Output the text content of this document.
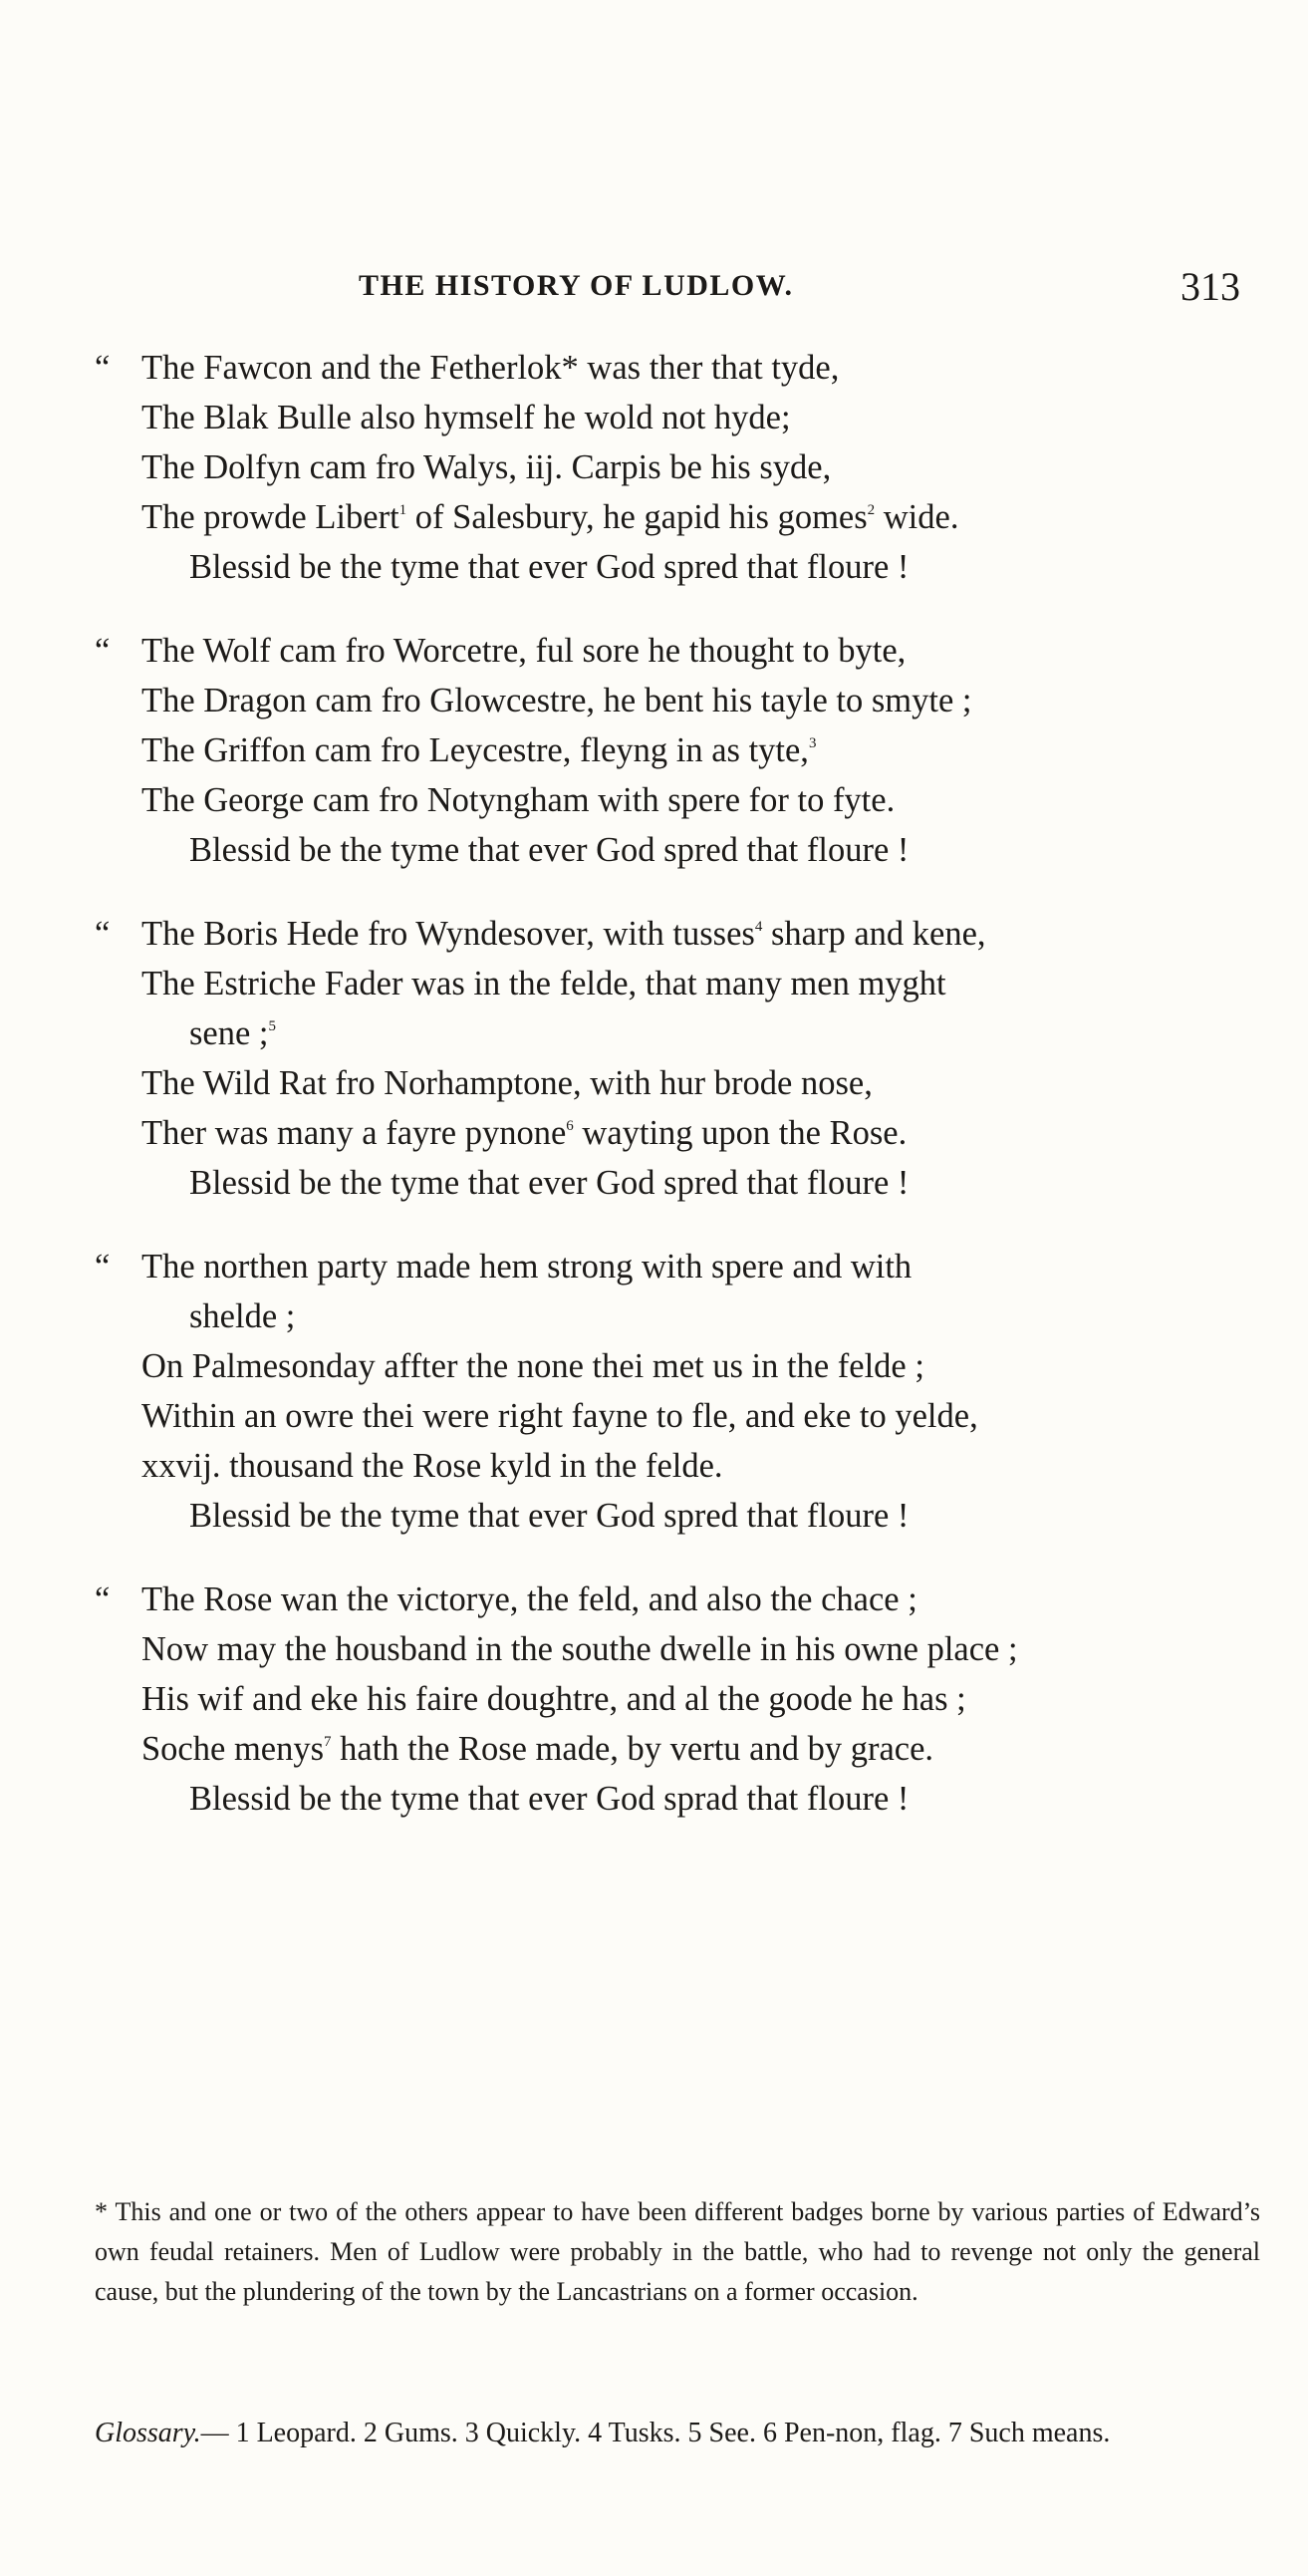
THE HISTORY OF LUDLOW.	313
“ The Fawcon and the Fetherlok* was ther that tyde,
The Blak Bulle also hymself he wold not hyde;
The Dolfyn cam fro Walys, iij. Carpis be his syde,
The prowde Libert$^1$ of Salesbury, he gapid his gomes$^2$ wide.
Blessid be the tyme that ever God spred that floure !
“ The Wolf cam fro Worcetre, ful sore he thought to byte,
The Dragon cam fro Glowcestre, he bent his tayle to smyte ;
The Griffon cam fro Leycestre, fleyng in as tyte,$^3$
The George cam fro Notyngham with spere for to fyte.
Blessid be the tyme that ever God spred that floure !
“ The Boris Hede fro Wyndesover, with tusses$^4$ sharp and kene,
The Estriche Fader was in the felde, that many men myght
sene ;$^5$
The Wild Rat fro Norhamptone, with hur brode nose,
Ther was many a fayre pynone$^6$ wayting upon the Rose.
Blessid be the tyme that ever God spred that floure !
“ The northen party made hem strong with spere and with
shelde ;
On Palmesonday affter the none thei met us in the felde ;
Within an owre thei were right fayne to fle, and eke to yelde,
xxvij. thousand the Rose kyld in the felde.
Blessid be the tyme that ever God spred that floure !
“ The Rose wan the victorye, the feld, and also the chace ;
Now may the housband in the southe dwelle in his owne place ;
His wif and eke his faire doughtre, and al the goode he has ;
Soche menys$^7$ hath the Rose made, by vertu and by grace.
Blessid be the tyme that ever God sprad that floure !
* This and one or two of the others appear to have been different badges borne by various parties of Edward’s own feudal retainers. Men of Ludlow were probably in the battle, who had to revenge not only the general cause, but the plundering of the town by the Lancastrians on a former occasion.
Glossary.— 1 Leopard. 2 Gums. 3 Quickly. 4 Tusks. 5 See. 6 Pen-non, flag. 7 Such means.
